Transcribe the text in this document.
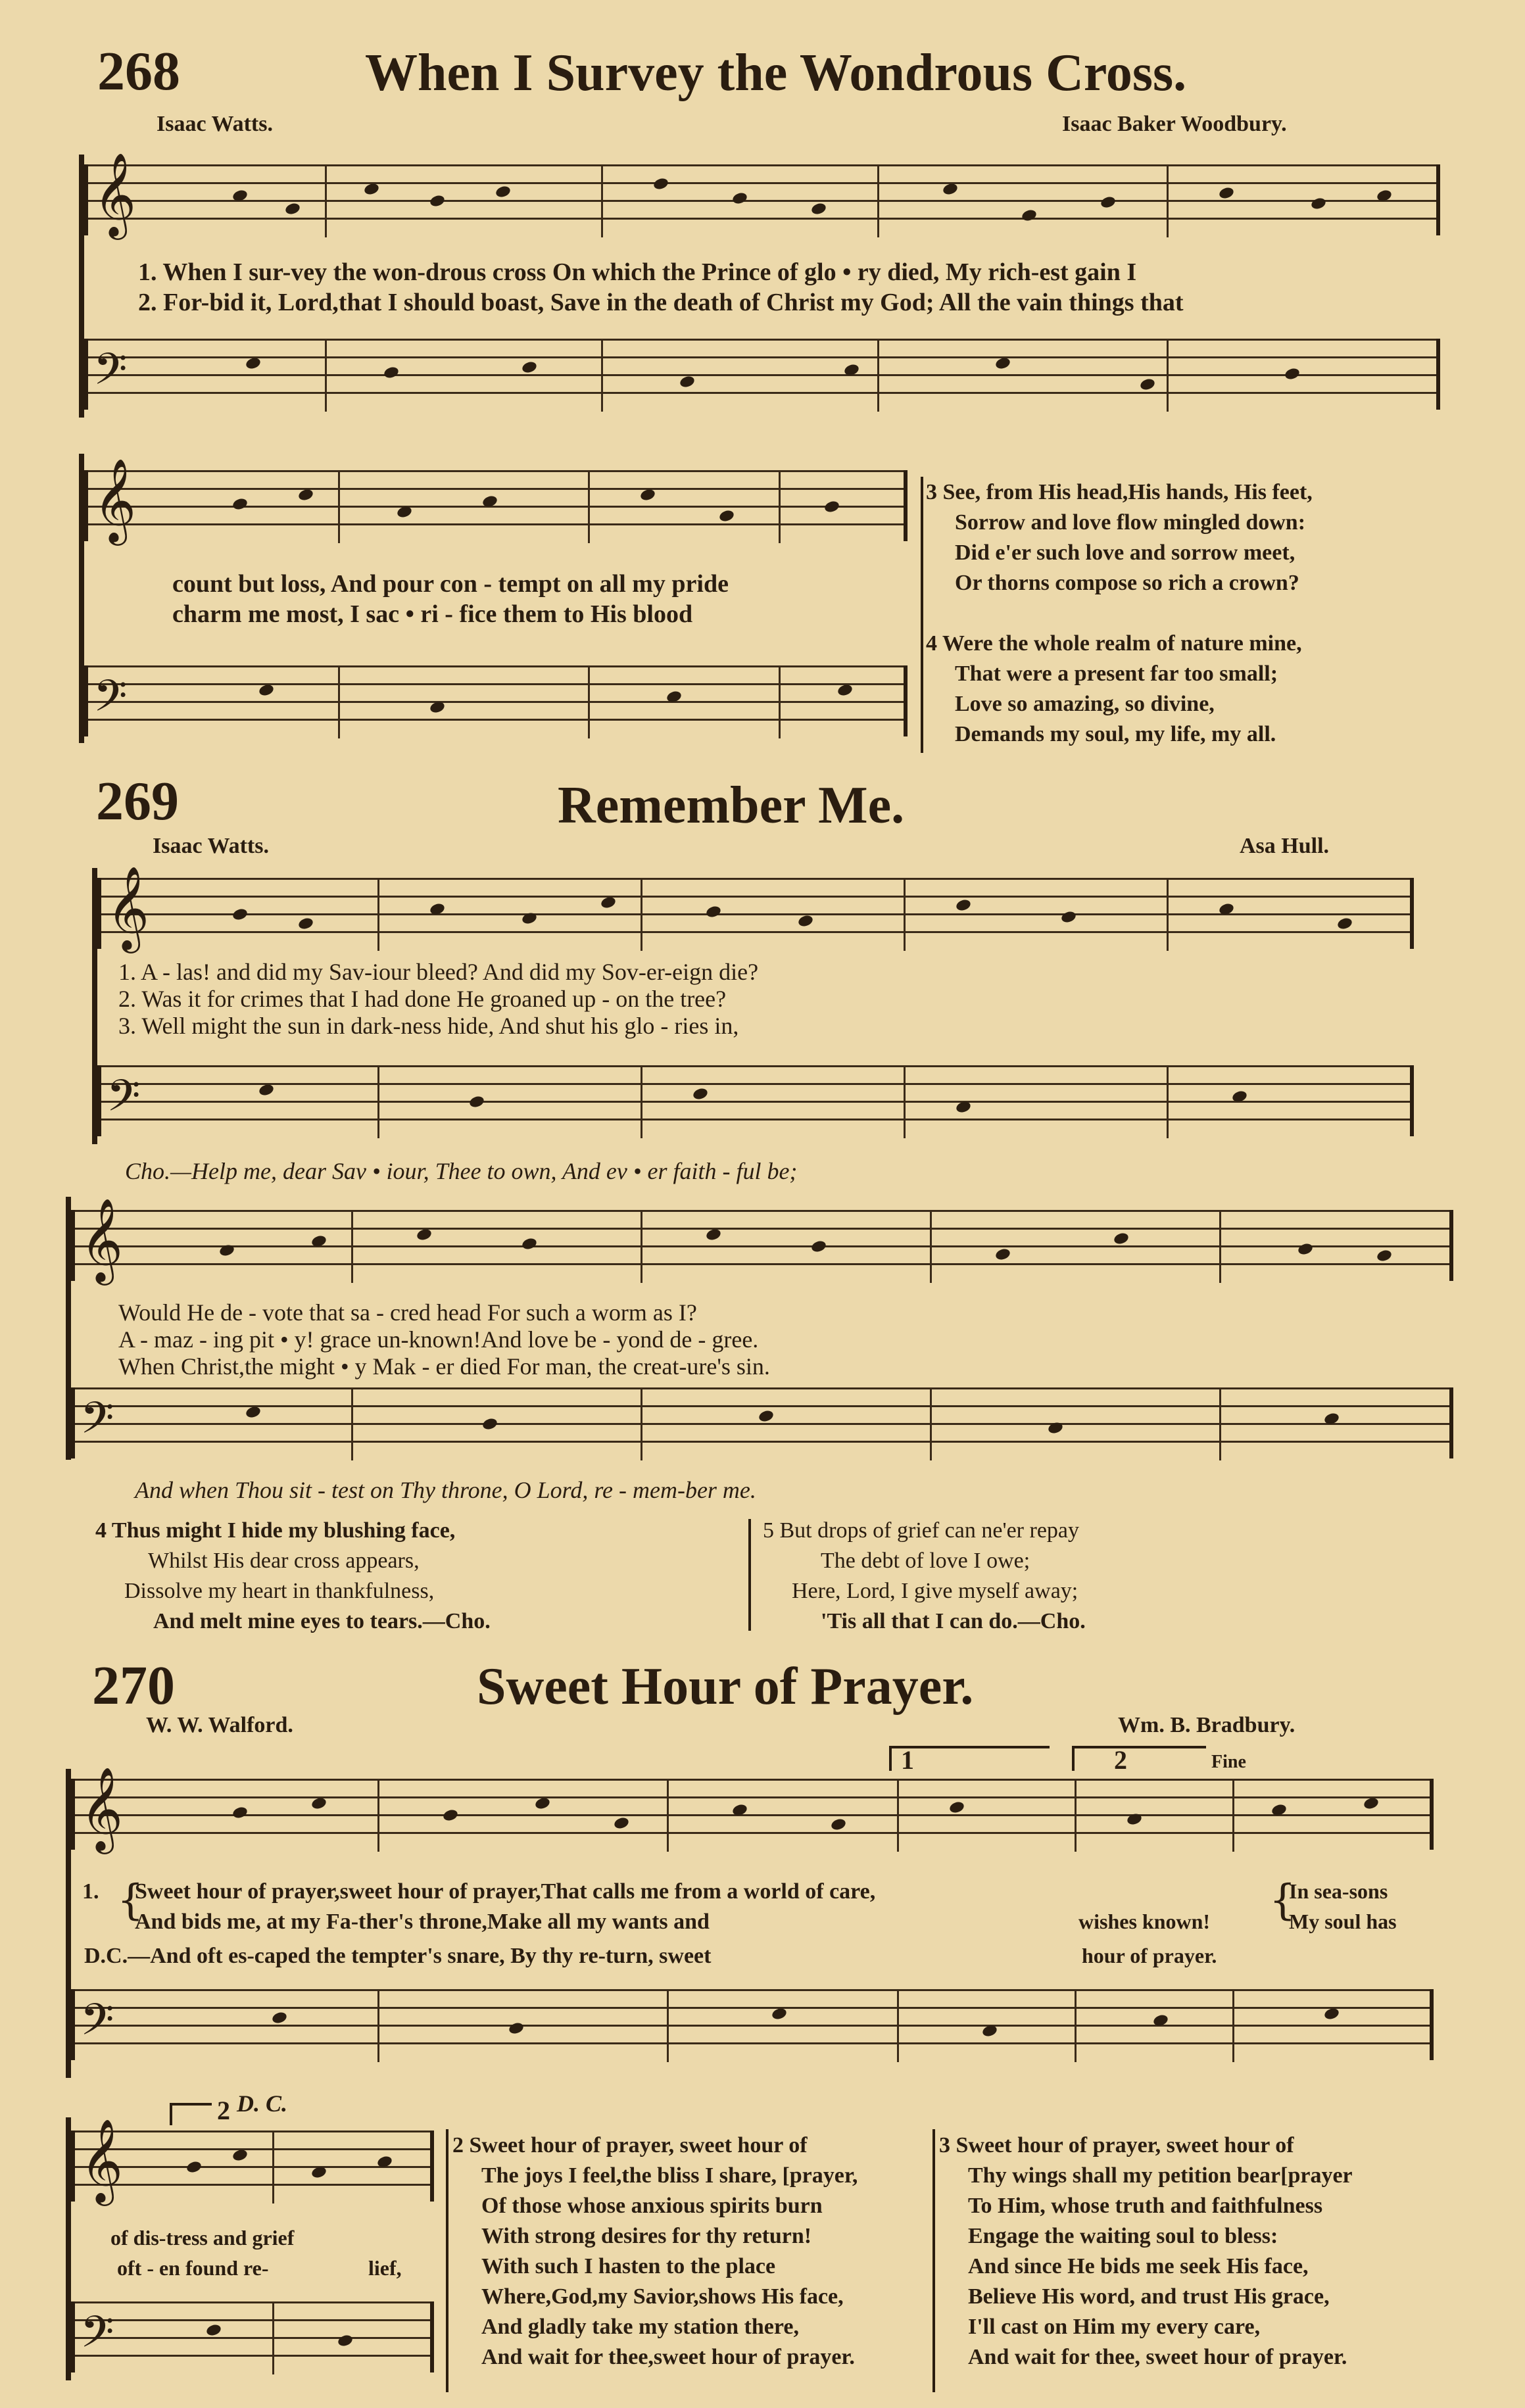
268	When I Survey the Wondrous Cross.
Isaac Watts.	Isaac Baker Woodbury.
𝄞
1. When I sur-vey the won-drous cross On which the Prince of glo • ry died, My rich-est gain I
2. For-bid it, Lord,that I should boast, Save in the death of Christ my God; All the vain things that
𝄢
𝄞
count but loss, And pour con - tempt on all my pride
charm me most, I sac • ri - fice them to His blood
𝄢
3 See, from His head,His hands, His feet,
Sorrow and love flow mingled down:
Did e'er such love and sorrow meet,
Or thorns compose so rich a crown?
4 Were the whole realm of nature mine,
That were a present far too small;
Love so amazing, so divine,
Demands my soul, my life, my all.
269	Remember Me.
Isaac Watts.	Asa Hull.
𝄞
1. A - las! and did my Sav-iour bleed? And did my Sov-er-eign die?
2. Was it for crimes that I had done He groaned up - on the tree?
3. Well might the sun in dark-ness hide, And shut his glo - ries in,
𝄢
Cho.—Help me, dear Sav • iour, Thee to own, And ev • er faith - ful be;
𝄞
Would He de - vote that sa - cred head For such a worm as I?
A - maz - ing pit • y! grace un-known!And love be - yond de - gree.
When Christ,the might • y Mak - er died For man, the creat-ure's sin.
𝄢
And when Thou sit - test on Thy throne, O Lord, re - mem-ber me.
4 Thus might I hide my blushing face,
Whilst His dear cross appears,
Dissolve my heart in thankfulness,
And melt mine eyes to tears.—Cho.
5 But drops of grief can ne'er repay
The debt of love I owe;
Here, Lord, I give myself away;
'Tis all that I can do.—Cho.
270	Sweet Hour of Prayer.
W. W. Walford.	Wm. B. Bradbury.
1	2	Fine
𝄞
1. {
Sweet hour of prayer,sweet hour of prayer,That calls me from a world of care,
And bids me, at my Fa-ther's throne,Make all my wants and
D.C.—And oft es-caped the tempter's snare, By thy re-turn, sweet
wishes known!
hour of prayer.
{
In sea-sons
My soul has
𝄢
2 D. C.
𝄞
of dis-tress and grief
oft - en found re-	lief,
𝄢
2 Sweet hour of prayer, sweet hour of
The joys I feel,the bliss I share, [prayer,
Of those whose anxious spirits burn
With strong desires for thy return!
With such I hasten to the place
Where,God,my Savior,shows His face,
And gladly take my station there,
And wait for thee,sweet hour of prayer.
3 Sweet hour of prayer, sweet hour of
Thy wings shall my petition bear[prayer
To Him, whose truth and faithfulness
Engage the waiting soul to bless:
And since He bids me seek His face,
Believe His word, and trust His grace,
I'll cast on Him my every care,
And wait for thee, sweet hour of prayer.
